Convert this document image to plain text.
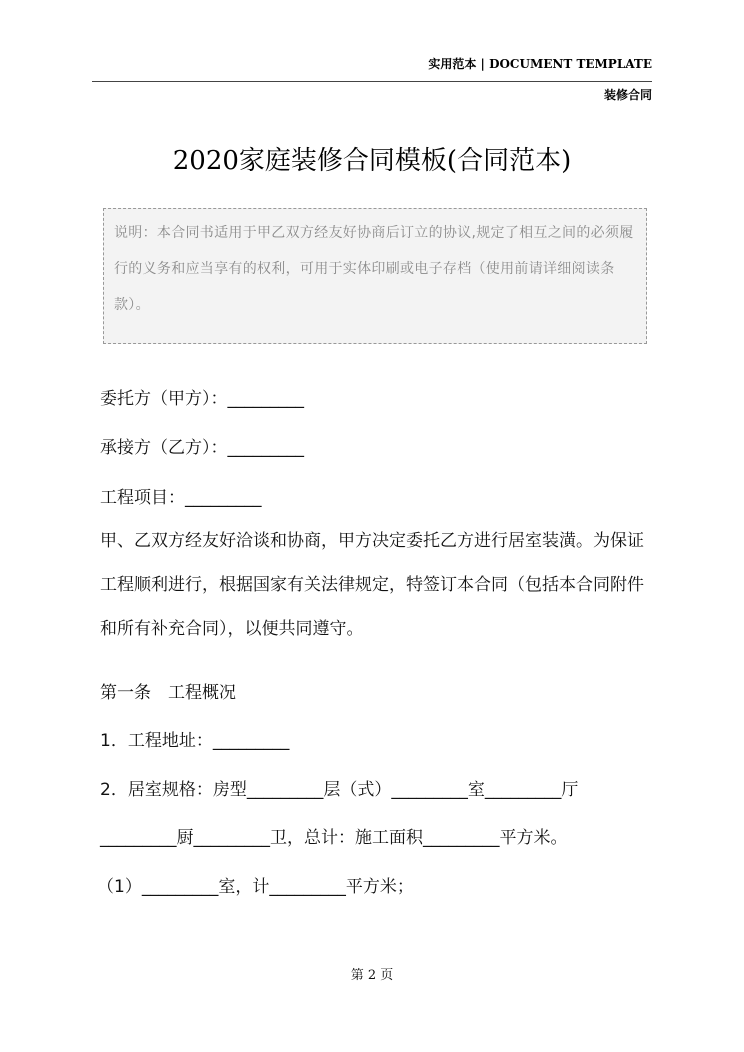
实用范本 | DOCUMENT TEMPLATE
装修合同
2020家庭装修合同模板(合同范本)
说明：本合同书适用于甲乙双方经友好协商后订立的协议,规定了相互之间的必须履行的义务和应当享有的权利，可用于实体印刷或电子存档（使用前请详细阅读条款）。
委托方（甲方）：_________
承接方（乙方）：_________
工程项目：_________
甲、乙双方经友好洽谈和协商，甲方决定委托乙方进行居室装潢。为保证工程顺利进行，根据国家有关法律规定，特签订本合同（包括本合同附件和所有补充合同），以便共同遵守。
第一条　工程概况
1．工程地址：_________
2．居室规格：房型_________层（式）_________室_________厅
_________厨_________卫，总计：施工面积_________平方米。
（1）_________室，计_________平方米；
第 2 页
